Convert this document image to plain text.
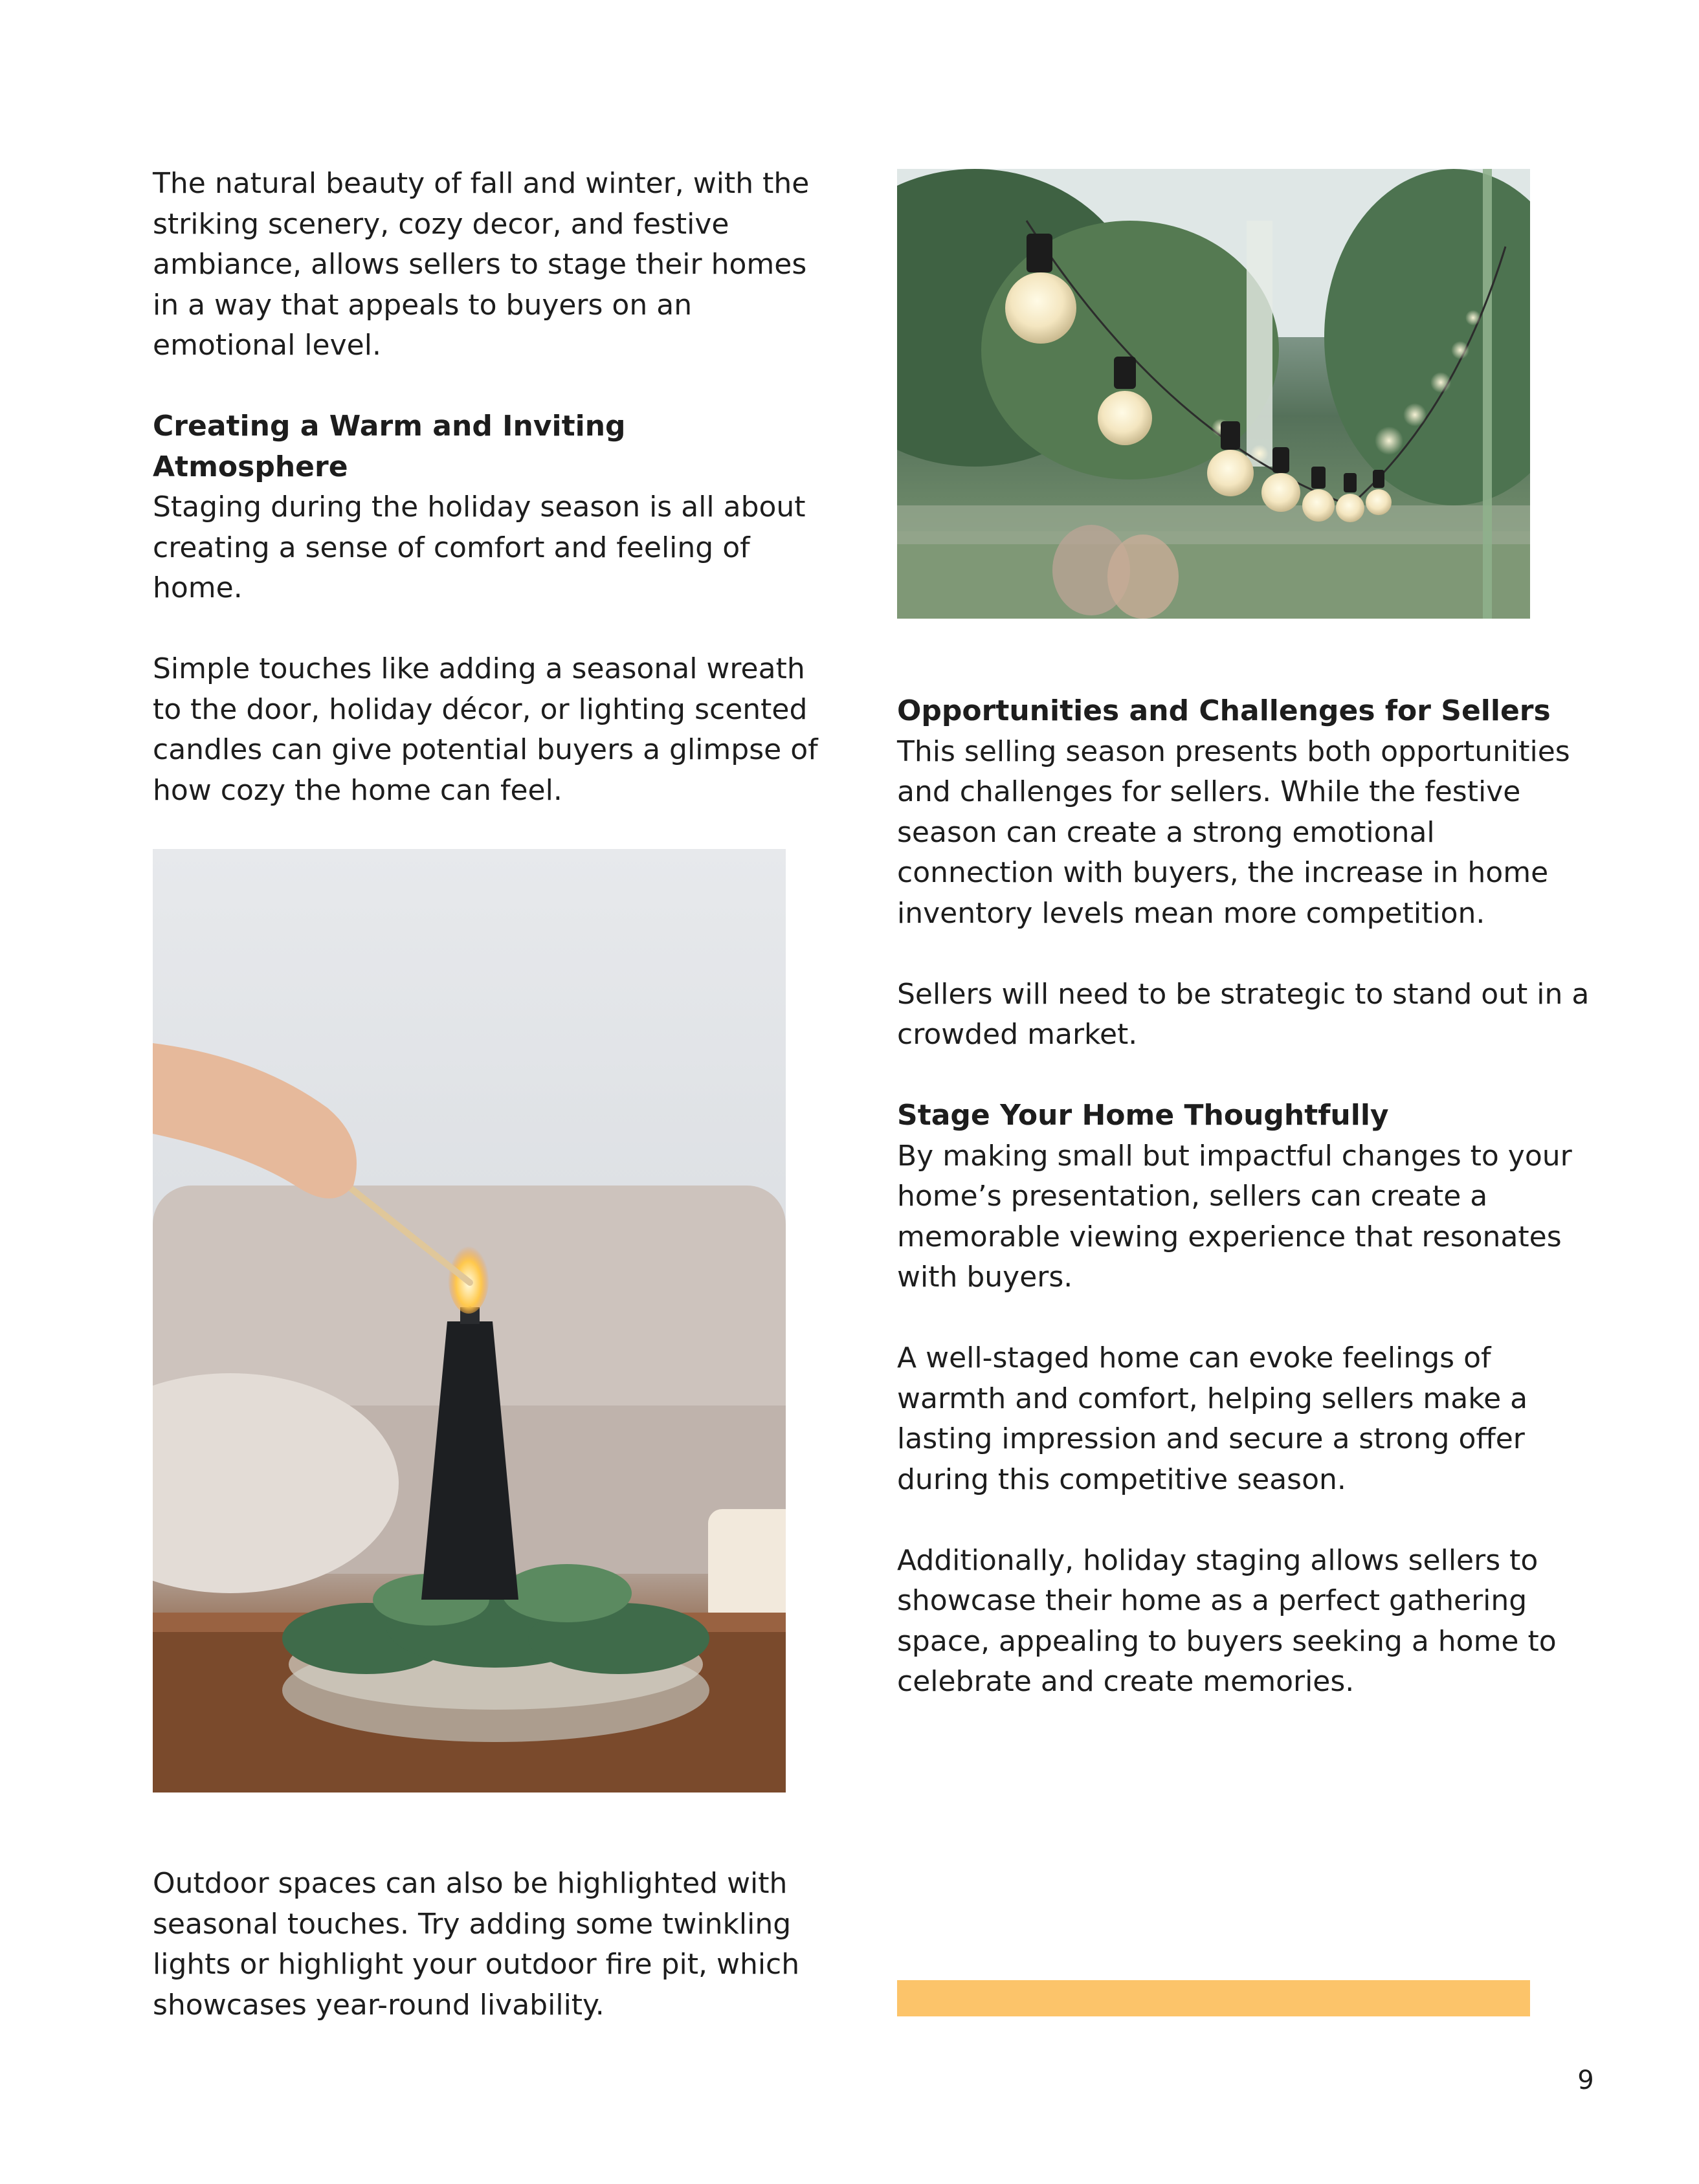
The natural beauty of fall and winter, with the striking scenery, cozy decor, and festive ambiance, allows sellers to stage their homes in a way that appeals to buyers on an emotional level.

Creating a Warm and Inviting Atmosphere

Staging during the holiday season is all about creating a sense of comfort and feeling of home.

Simple touches like adding a seasonal wreath to the door, holiday décor, or lighting scented candles can give potential buyers a glimpse of how cozy the home can feel.

Opportunities and Challenges for Sellers

This selling season presents both opportunities and challenges for sellers. While the festive season can create a strong emotional connection with buyers, the increase in home inventory levels mean more competition.

Sellers will need to be strategic to stand out in a crowded market.

Stage Your Home Thoughtfully

By making small but impactful changes to your home’s presentation, sellers can create a memorable viewing experience that resonates with buyers.

A well-staged home can evoke feelings of warmth and comfort, helping sellers make a lasting impression and secure a strong offer during this competitive season.

Additionally, holiday staging allows sellers to showcase their home as a perfect gathering space, appealing to buyers seeking a home to celebrate and create memories.

Outdoor spaces can also be highlighted with seasonal touches. Try adding some twinkling lights or highlight your outdoor fire pit, which showcases year-round livability.

9
